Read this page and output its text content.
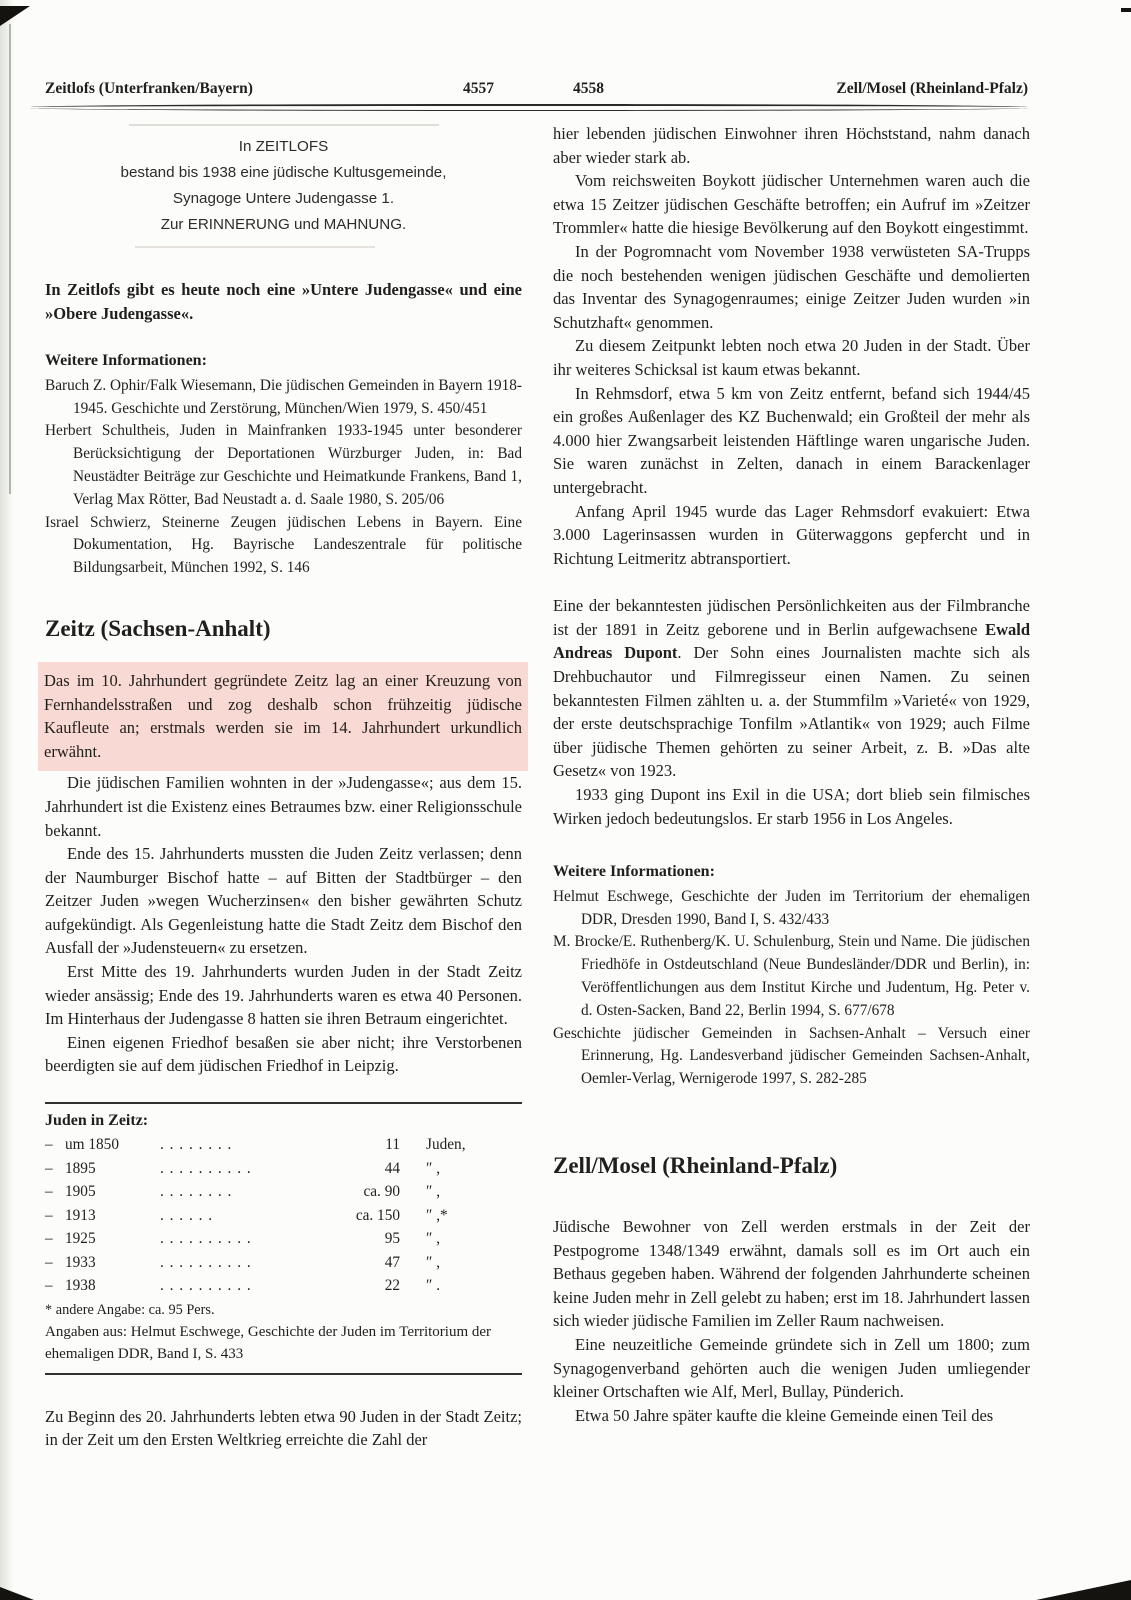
Zeitlofs (Unterfranken/Bayern)	4557	4558	Zell/Mosel (Rheinland-Pfalz)
In ZEITLOFS
bestand bis 1938 eine jüdische Kultusgemeinde,
Synagoge Untere Judengasse 1.
Zur ERINNERUNG und MAHNUNG.

In Zeitlofs gibt es heute noch eine »Untere Judengasse« und eine »Obere Judengasse«.

Weitere Informationen:

Baruch Z. Ophir/Falk Wiesemann, Die jüdischen Gemeinden in Bayern 1918-1945. Geschichte und Zerstörung, München/Wien 1979, S. 450/451

Herbert Schultheis, Juden in Mainfranken 1933-1945 unter besonderer Berücksichtigung der Deportationen Würzburger Juden, in: Bad Neustädter Beiträge zur Geschichte und Heimatkunde Frankens, Band 1, Verlag Max Rötter, Bad Neustadt a. d. Saale 1980, S. 205/06

Israel Schwierz, Steinerne Zeugen jüdischen Lebens in Bayern. Eine Dokumentation, Hg. Bayrische Landeszentrale für politische Bildungsarbeit, München 1992, S. 146

Zeitz (Sachsen-Anhalt)

Das im 10. Jahrhundert gegründete Zeitz lag an einer Kreuzung von Fernhandelsstraßen und zog deshalb schon frühzeitig jüdische Kaufleute an; erstmals werden sie im 14. Jahrhundert urkundlich erwähnt.

Die jüdischen Familien wohnten in der »Judengasse«; aus dem 15. Jahrhundert ist die Existenz eines Betraumes bzw. einer Religionsschule bekannt.

Ende des 15. Jahrhunderts mussten die Juden Zeitz verlassen; denn der Naumburger Bischof hatte – auf Bitten der Stadtbürger – den Zeitzer Juden »wegen Wucherzinsen« den bisher gewährten Schutz aufgekündigt. Als Gegenleistung hatte die Stadt Zeitz dem Bischof den Ausfall der »Judensteuern« zu ersetzen.

Erst Mitte des 19. Jahrhunderts wurden Juden in der Stadt Zeitz wieder ansässig; Ende des 19. Jahrhunderts waren es etwa 40 Personen. Im Hinterhaus der Judengasse 8 hatten sie ihren Betraum eingerichtet.

Einen eigenen Friedhof besaßen sie aber nicht; ihre Verstorbenen beerdigten sie auf dem jüdischen Friedhof in Leipzig.

Juden in Zeitz:
– um 1850	. . . . . . . .	11	Juden,
– 1895	. . . . . . . . . .	44	″ ,
– 1905	. . . . . . . .	ca. 90	″ ,
– 1913	. . . . . .	ca. 150	″ ,*
– 1925	. . . . . . . . . .	95	″ ,
– 1933	. . . . . . . . . .	47	″ ,
– 1938	. . . . . . . . . .	22	″ .
* andere Angabe: ca. 95 Pers.
Angaben aus: Helmut Eschwege, Geschichte der Juden im Territorium der ehemaligen DDR, Band I, S. 433

Zu Beginn des 20. Jahrhunderts lebten etwa 90 Juden in der Stadt Zeitz; in der Zeit um den Ersten Weltkrieg erreichte die Zahl der

hier lebenden jüdischen Einwohner ihren Höchststand, nahm danach aber wieder stark ab.

Vom reichsweiten Boykott jüdischer Unternehmen waren auch die etwa 15 Zeitzer jüdischen Geschäfte betroffen; ein Aufruf im »Zeitzer Trommler« hatte die hiesige Bevölkerung auf den Boykott eingestimmt.

In der Pogromnacht vom November 1938 verwüsteten SA-Trupps die noch bestehenden wenigen jüdischen Geschäfte und demolierten das Inventar des Synagogenraumes; einige Zeitzer Juden wurden »in Schutzhaft« genommen.

Zu diesem Zeitpunkt lebten noch etwa 20 Juden in der Stadt. Über ihr weiteres Schicksal ist kaum etwas bekannt.

In Rehmsdorf, etwa 5 km von Zeitz entfernt, befand sich 1944/45 ein großes Außenlager des KZ Buchenwald; ein Großteil der mehr als 4.000 hier Zwangsarbeit leistenden Häftlinge waren ungarische Juden. Sie waren zunächst in Zelten, danach in einem Barackenlager untergebracht.

Anfang April 1945 wurde das Lager Rehmsdorf evakuiert: Etwa 3.000 Lagerinsassen wurden in Güterwaggons gepfercht und in Richtung Leitmeritz abtransportiert.

Eine der bekanntesten jüdischen Persönlichkeiten aus der Filmbranche ist der 1891 in Zeitz geborene und in Berlin aufgewachsene Ewald Andreas Dupont. Der Sohn eines Journalisten machte sich als Drehbuchautor und Filmregisseur einen Namen. Zu seinen bekanntesten Filmen zählten u. a. der Stummfilm »Varieté« von 1929, der erste deutschsprachige Tonfilm »Atlantik« von 1929; auch Filme über jüdische Themen gehörten zu seiner Arbeit, z. B. »Das alte Gesetz« von 1923.

1933 ging Dupont ins Exil in die USA; dort blieb sein filmisches Wirken jedoch bedeutungslos. Er starb 1956 in Los Angeles.

Weitere Informationen:

Helmut Eschwege, Geschichte der Juden im Territorium der ehemaligen DDR, Dresden 1990, Band I, S. 432/433

M. Brocke/E. Ruthenberg/K. U. Schulenburg, Stein und Name. Die jüdischen Friedhöfe in Ostdeutschland (Neue Bundesländer/DDR und Berlin), in: Veröffentlichungen aus dem Institut Kirche und Judentum, Hg. Peter v. d. Osten-Sacken, Band 22, Berlin 1994, S. 677/678

Geschichte jüdischer Gemeinden in Sachsen-Anhalt – Versuch einer Erinnerung, Hg. Landesverband jüdischer Gemeinden Sachsen-Anhalt, Oemler-Verlag, Wernigerode 1997, S. 282-285

Zell/Mosel (Rheinland-Pfalz)

Jüdische Bewohner von Zell werden erstmals in der Zeit der Pestpogrome 1348/1349 erwähnt, damals soll es im Ort auch ein Bethaus gegeben haben. Während der folgenden Jahrhunderte scheinen keine Juden mehr in Zell gelebt zu haben; erst im 18. Jahrhundert lassen sich wieder jüdische Familien im Zeller Raum nachweisen.

Eine neuzeitliche Gemeinde gründete sich in Zell um 1800; zum Synagogenverband gehörten auch die wenigen Juden umliegender kleiner Ortschaften wie Alf, Merl, Bullay, Pünderich.

Etwa 50 Jahre später kaufte die kleine Gemeinde einen Teil des
